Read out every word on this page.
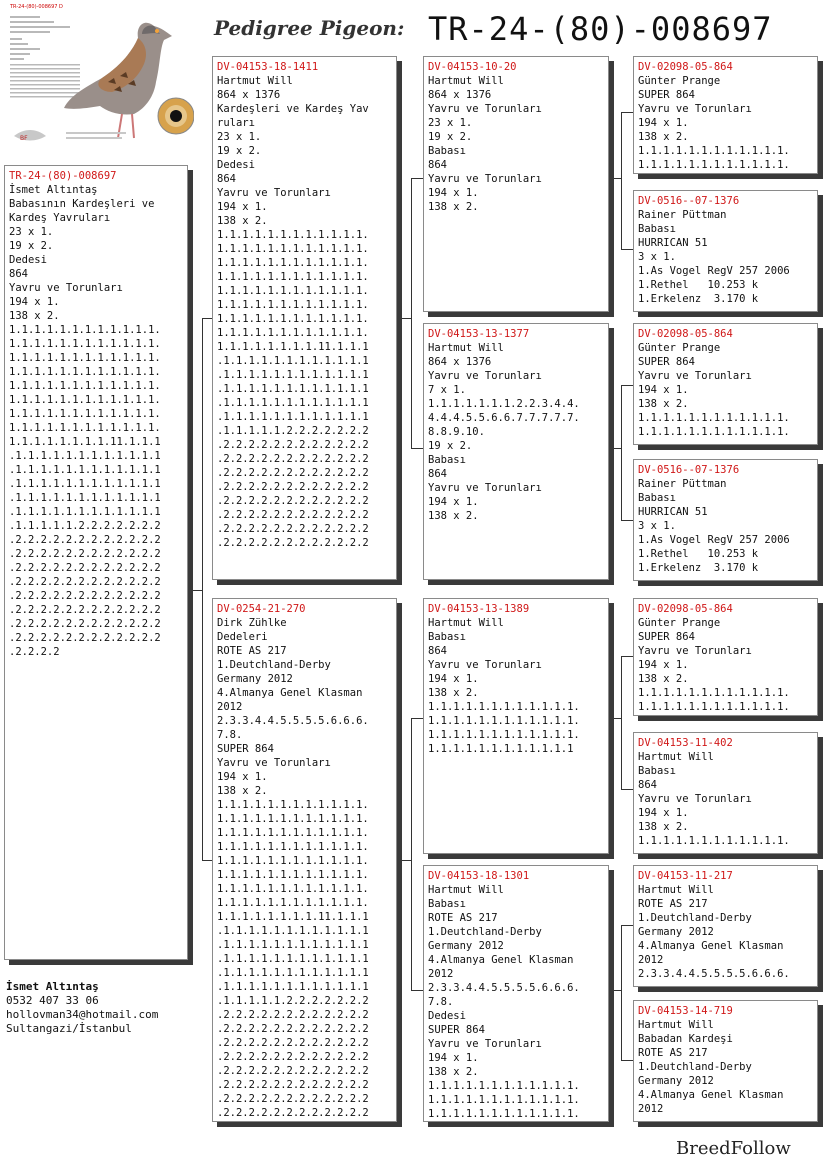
TR-24-(80)-008697 D
BF
Pedigree Pigeon: TR-24-(80)-008697
TR-24-(80)-008697
İsmet Altıntaş
Babasının Kardeşleri ve
Kardeş Yavruları
23 x 1.
19 x 2.
Dedesi
864
Yavru ve Torunları
194 x 1.
138 x 2.
1.1.1.1.1.1.1.1.1.1.1.1.
1.1.1.1.1.1.1.1.1.1.1.1.
1.1.1.1.1.1.1.1.1.1.1.1.
1.1.1.1.1.1.1.1.1.1.1.1.
1.1.1.1.1.1.1.1.1.1.1.1.
1.1.1.1.1.1.1.1.1.1.1.1.
1.1.1.1.1.1.1.1.1.1.1.1.
1.1.1.1.1.1.1.1.1.1.1.1.
1.1.1.1.1.1.1.1.11.1.1.1
.1.1.1.1.1.1.1.1.1.1.1.1
.1.1.1.1.1.1.1.1.1.1.1.1
.1.1.1.1.1.1.1.1.1.1.1.1
.1.1.1.1.1.1.1.1.1.1.1.1
.1.1.1.1.1.1.1.1.1.1.1.1
.1.1.1.1.1.2.2.2.2.2.2.2
.2.2.2.2.2.2.2.2.2.2.2.2
.2.2.2.2.2.2.2.2.2.2.2.2
.2.2.2.2.2.2.2.2.2.2.2.2
.2.2.2.2.2.2.2.2.2.2.2.2
.2.2.2.2.2.2.2.2.2.2.2.2
.2.2.2.2.2.2.2.2.2.2.2.2
.2.2.2.2.2.2.2.2.2.2.2.2
.2.2.2.2.2.2.2.2.2.2.2.2
.2.2.2.2
DV-04153-18-1411
Hartmut Will
864 x 1376
Kardeşleri ve Kardeş Yav
ruları
23 x 1.
19 x 2.
Dedesi
864
Yavru ve Torunları
194 x 1.
138 x 2.
1.1.1.1.1.1.1.1.1.1.1.1.
1.1.1.1.1.1.1.1.1.1.1.1.
1.1.1.1.1.1.1.1.1.1.1.1.
1.1.1.1.1.1.1.1.1.1.1.1.
1.1.1.1.1.1.1.1.1.1.1.1.
1.1.1.1.1.1.1.1.1.1.1.1.
1.1.1.1.1.1.1.1.1.1.1.1.
1.1.1.1.1.1.1.1.1.1.1.1.
1.1.1.1.1.1.1.1.11.1.1.1
.1.1.1.1.1.1.1.1.1.1.1.1
.1.1.1.1.1.1.1.1.1.1.1.1
.1.1.1.1.1.1.1.1.1.1.1.1
.1.1.1.1.1.1.1.1.1.1.1.1
.1.1.1.1.1.1.1.1.1.1.1.1
.1.1.1.1.1.2.2.2.2.2.2.2
.2.2.2.2.2.2.2.2.2.2.2.2
.2.2.2.2.2.2.2.2.2.2.2.2
.2.2.2.2.2.2.2.2.2.2.2.2
.2.2.2.2.2.2.2.2.2.2.2.2
.2.2.2.2.2.2.2.2.2.2.2.2
.2.2.2.2.2.2.2.2.2.2.2.2
.2.2.2.2.2.2.2.2.2.2.2.2
.2.2.2.2.2.2.2.2.2.2.2.2
DV-0254-21-270
Dirk Zühlke
Dedeleri
ROTE AS 217
1.Deutchland-Derby
Germany 2012
4.Almanya Genel Klasman
2012
2.3.3.4.4.5.5.5.5.6.6.6.
7.8.
SUPER 864
Yavru ve Torunları
194 x 1.
138 x 2.
1.1.1.1.1.1.1.1.1.1.1.1.
1.1.1.1.1.1.1.1.1.1.1.1.
1.1.1.1.1.1.1.1.1.1.1.1.
1.1.1.1.1.1.1.1.1.1.1.1.
1.1.1.1.1.1.1.1.1.1.1.1.
1.1.1.1.1.1.1.1.1.1.1.1.
1.1.1.1.1.1.1.1.1.1.1.1.
1.1.1.1.1.1.1.1.1.1.1.1.
1.1.1.1.1.1.1.1.11.1.1.1
.1.1.1.1.1.1.1.1.1.1.1.1
.1.1.1.1.1.1.1.1.1.1.1.1
.1.1.1.1.1.1.1.1.1.1.1.1
.1.1.1.1.1.1.1.1.1.1.1.1
.1.1.1.1.1.1.1.1.1.1.1.1
.1.1.1.1.1.2.2.2.2.2.2.2
.2.2.2.2.2.2.2.2.2.2.2.2
.2.2.2.2.2.2.2.2.2.2.2.2
.2.2.2.2.2.2.2.2.2.2.2.2
.2.2.2.2.2.2.2.2.2.2.2.2
.2.2.2.2.2.2.2.2.2.2.2.2
.2.2.2.2.2.2.2.2.2.2.2.2
.2.2.2.2.2.2.2.2.2.2.2.2
.2.2.2.2.2.2.2.2.2.2.2.2
DV-04153-10-20
Hartmut Will
864 x 1376
Yavru ve Torunları
23 x 1.
19 x 2.
Babası
864
Yavru ve Torunları
194 x 1.
138 x 2.
DV-04153-13-1377
Hartmut Will
864 x 1376
Yavru ve Torunları
7 x 1.
1.1.1.1.1.1.1.2.2.3.4.4.
4.4.4.5.5.6.6.7.7.7.7.7.
8.8.9.10.
19 x 2.
Babası
864
Yavru ve Torunları
194 x 1.
138 x 2.
DV-04153-13-1389
Hartmut Will
Babası
864
Yavru ve Torunları
194 x 1.
138 x 2.
1.1.1.1.1.1.1.1.1.1.1.1.
1.1.1.1.1.1.1.1.1.1.1.1.
1.1.1.1.1.1.1.1.1.1.1.1.
1.1.1.1.1.1.1.1.1.1.1.1
DV-04153-18-1301
Hartmut Will
Babası
ROTE AS 217
1.Deutchland-Derby
Germany 2012
4.Almanya Genel Klasman
2012
2.3.3.4.4.5.5.5.5.6.6.6.
7.8.
Dedesi
SUPER 864
Yavru ve Torunları
194 x 1.
138 x 2.
1.1.1.1.1.1.1.1.1.1.1.1.
1.1.1.1.1.1.1.1.1.1.1.1.
1.1.1.1.1.1.1.1.1.1.1.1.
DV-02098-05-864
Günter Prange
SUPER 864
Yavru ve Torunları
194 x 1.
138 x 2.
1.1.1.1.1.1.1.1.1.1.1.1.
1.1.1.1.1.1.1.1.1.1.1.1.
DV-0516--07-1376
Rainer Püttman
Babası
HURRICAN 51
3 x 1.
1.As Vogel RegV 257 2006
1.Rethel   10.253 k
1.Erkelenz  3.170 k
DV-02098-05-864
Günter Prange
SUPER 864
Yavru ve Torunları
194 x 1.
138 x 2.
1.1.1.1.1.1.1.1.1.1.1.1.
1.1.1.1.1.1.1.1.1.1.1.1.
DV-0516--07-1376
Rainer Püttman
Babası
HURRICAN 51
3 x 1.
1.As Vogel RegV 257 2006
1.Rethel   10.253 k
1.Erkelenz  3.170 k
DV-02098-05-864
Günter Prange
SUPER 864
Yavru ve Torunları
194 x 1.
138 x 2.
1.1.1.1.1.1.1.1.1.1.1.1.
1.1.1.1.1.1.1.1.1.1.1.1.
DV-04153-11-402
Hartmut Will
Babası
864
Yavru ve Torunları
194 x 1.
138 x 2.
1.1.1.1.1.1.1.1.1.1.1.1.
DV-04153-11-217
Hartmut Will
ROTE AS 217
1.Deutchland-Derby
Germany 2012
4.Almanya Genel Klasman
2012
2.3.3.4.4.5.5.5.5.6.6.6.
DV-04153-14-719
Hartmut Will
Babadan Kardeşi
ROTE AS 217
1.Deutchland-Derby
Germany 2012
4.Almanya Genel Klasman
2012
İsmet Altıntaş
0532 407 33 06
hollovman34@hotmail.com
Sultangazi/İstanbul
BreedFollow
